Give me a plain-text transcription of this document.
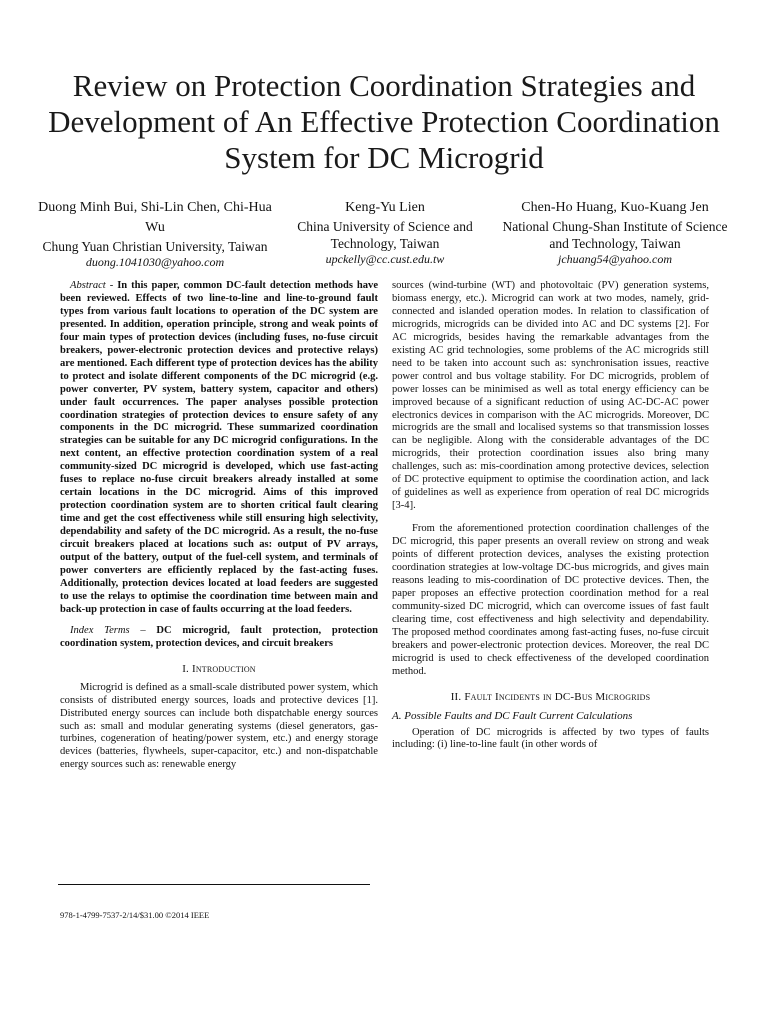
Review on Protection Coordination Strategies and Development of An Effective Protection Coordination System for DC Microgrid
Duong Minh Bui, Shi-Lin Chen, Chi-Hua Wu
Chung Yuan Christian University, Taiwan
duong.1041030@yahoo.com
Keng-Yu Lien
China University of Science and Technology, Taiwan
upckelly@cc.cust.edu.tw
Chen-Ho Huang, Kuo-Kuang Jen
National Chung-Shan Institute of Science and Technology, Taiwan
jchuang54@yahoo.com

Abstract - In this paper, common DC-fault detection methods have been reviewed. Effects of two line-to-line and line-to-ground fault types from various fault locations to operation of the DC system are presented. In addition, operation principle, strong and weak points of four main types of protection devices (including fuses, no-fuse circuit breakers, power-electronic protection devices and protective relays) are mentioned. Each different type of protection devices has the ability to protect and isolate different components of the DC microgrid (e.g. power converter, PV system, battery system, capacitor and others) under fault occurrences. The paper analyses possible protection coordination strategies of protection devices to ensure safety of any components in the DC microgrid. These summarized coordination strategies can be suitable for any DC microgrid configurations. In the next content, an effective protection coordination system of a real community-sized DC microgrid is developed, which use fast-acting fuses to replace no-fuse circuit breakers already installed at some certain locations in the DC microgrid. Aims of this improved protection coordination system are to shorten critical fault clearing time and get the cost effectiveness while still ensuring high selectivity, dependability and safety of the DC microgrid. As a result, the no-fuse circuit breakers placed at locations such as: output of PV arrays, output of the battery, output of the fuel-cell system, and terminals of power converters are efficiently replaced by the fast-acting fuses. Additionally, protection devices located at load feeders are suggested to use the relays to optimise the coordination time between main and back-up protection in case of faults occurring at the load feeders.

Index Terms – DC microgrid, fault protection, protection coordination system, protection devices, and circuit breakers

I. Introduction

Microgrid is defined as a small-scale distributed power system, which consists of distributed energy sources, loads and protective devices [1]. Distributed energy sources can include both dispatchable energy sources such as: small and modular generating systems (diesel generators, gas-turbines, cogeneration of heating/power system, etc.) and energy storage devices (batteries, flywheels, super-capacitor, etc.) and non-dispatchable energy sources such as: renewable energy

sources (wind-turbine (WT) and photovoltaic (PV) generation systems, biomass energy, etc.). Microgrid can work at two modes, namely, grid-connected and islanded operation modes. In relation to classification of microgrids, microgrids can be divided into AC and DC systems [2]. For AC microgrids, besides having the remarkable advantages from the existing AC grid technologies, some problems of the AC microgrids still need to be taken into account such as: synchronisation issues, reactive power control and bus voltage stability. For DC microgrids, problem of power losses can be minimised as well as total energy efficiency can be improved because of a significant reduction of using AC-DC-AC power electronics devices in comparison with the AC microgrids. Moreover, DC microgrids are the small and localised systems so that transmission losses can be negligible. Along with the considerable advantages of the DC microgrids, their protection coordination issues also bring many challenges, such as: mis-coordination among protective devices, selection of DC protective equipment to optimise the coordination action, and lack of guidelines as well as experience from operation of real DC microgrids [3-4].

From the aforementioned protection coordination challenges of the DC microgrid, this paper presents an overall review on strong and weak points of different protection devices, analyses the existing protection coordination strategies at low-voltage DC-bus microgrids, and gives main reasons leading to mis-coordination of DC protective devices. Then, the paper proposes an effective protection coordination method for a real community-sized DC microgrid, which can overcome issues of fast fault clearing time, cost effectiveness and high selectivity and dependability. The proposed method coordinates among fast-acting fuses, no-fuse circuit breakers and power-electronic protection devices. Moreover, the real DC microgrid is used to check effectiveness of the developed coordination method.

II. Fault Incidents in DC-Bus Microgrids

A. Possible Faults and DC Fault Current Calculations

Operation of DC microgrids is affected by two types of faults including: (i) line-to-line fault (in other words of

978-1-4799-7537-2/14/$31.00 ©2014 IEEE
